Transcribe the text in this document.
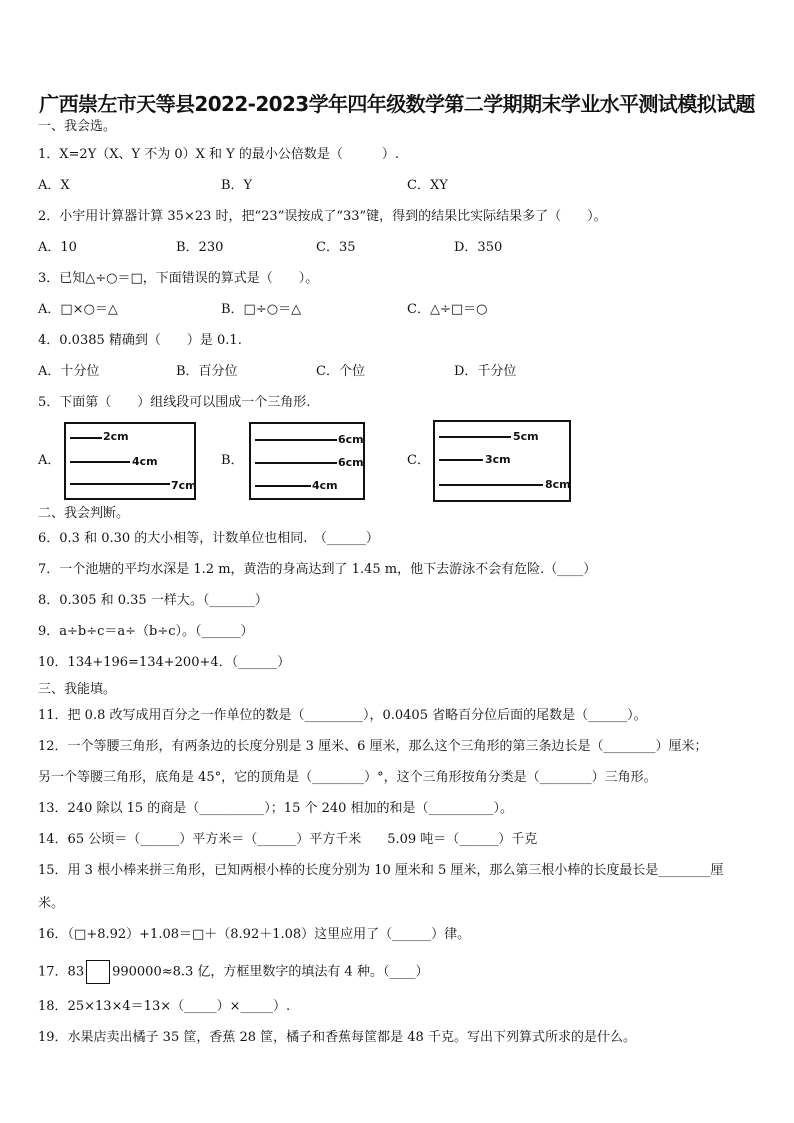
广西崇左市天等县2022-2023学年四年级数学第二学期期末学业水平测试模拟试题
一、我会选。
1．X=2Y（X、Y 不为 0）X 和 Y 的最小公倍数是（　　　）.
A．X	B．Y	C．XY
2．小宇用计算器计算 35×23 时，把“23”误按成了“33”键，得到的结果比实际结果多了（　　）。
A．10	B．230	C．35	D．350
3．已知△÷○＝□，下面错误的算式是（　　）。
A．□×○＝△	B．□÷○＝△	C．△÷□＝○
4．0.0385 精确到（　　）是 0.1.
A．十分位	B．百分位	C．个位	D．千分位
5．下面第（　　）组线段可以围成一个三角形.
A．
2cm
4cm
7cm
B．
6cm
6cm
4cm
C．
5cm
3cm
8cm
二、我会判断。
6．0.3 和 0.30 的大小相等，计数单位也相同.　（______）
7．一个池塘的平均水深是 1.2 m，黄浩的身高达到了 1.45 m，他下去游泳不会有危险.（____）
8．0.305 和 0.35 一样大。（_______）
9．a÷b÷c＝a÷（b÷c）。（______）
10．134+196=134+200+4．（______）
三、我能填。
11．把 0.8 改写成用百分之一作单位的数是（_________），0.0405 省略百分位后面的尾数是（______）。
12．一个等腰三角形，有两条边的长度分别是 3 厘米、6 厘米，那么这个三角形的第三条边长是（________）厘米；
另一个等腰三角形，底角是 45°，它的顶角是（________）°，这个三角形按角分类是（________）三角形。
13．240 除以 15 的商是（__________）；15 个 240 相加的和是（__________）。
14．65 公顷＝（______）平方米＝（______）平方千米　　5.09 吨＝（______）千克
15．用 3 根小棒来拼三角形，已知两根小棒的长度分别为 10 厘米和 5 厘米，那么第三根小棒的长度最长是________厘
米。
16．（□+8.92）+1.08＝□＋（8.92＋1.08）这里应用了（______）律。
17．83 990000≈8.3 亿，方框里数字的填法有 4 种。（____）
18．25×13×4＝13×（_____）×_____）.
19．水果店卖出橘子 35 筐，香蕉 28 筐，橘子和香蕉每筐都是 48 千克。写出下列算式所求的是什么。
